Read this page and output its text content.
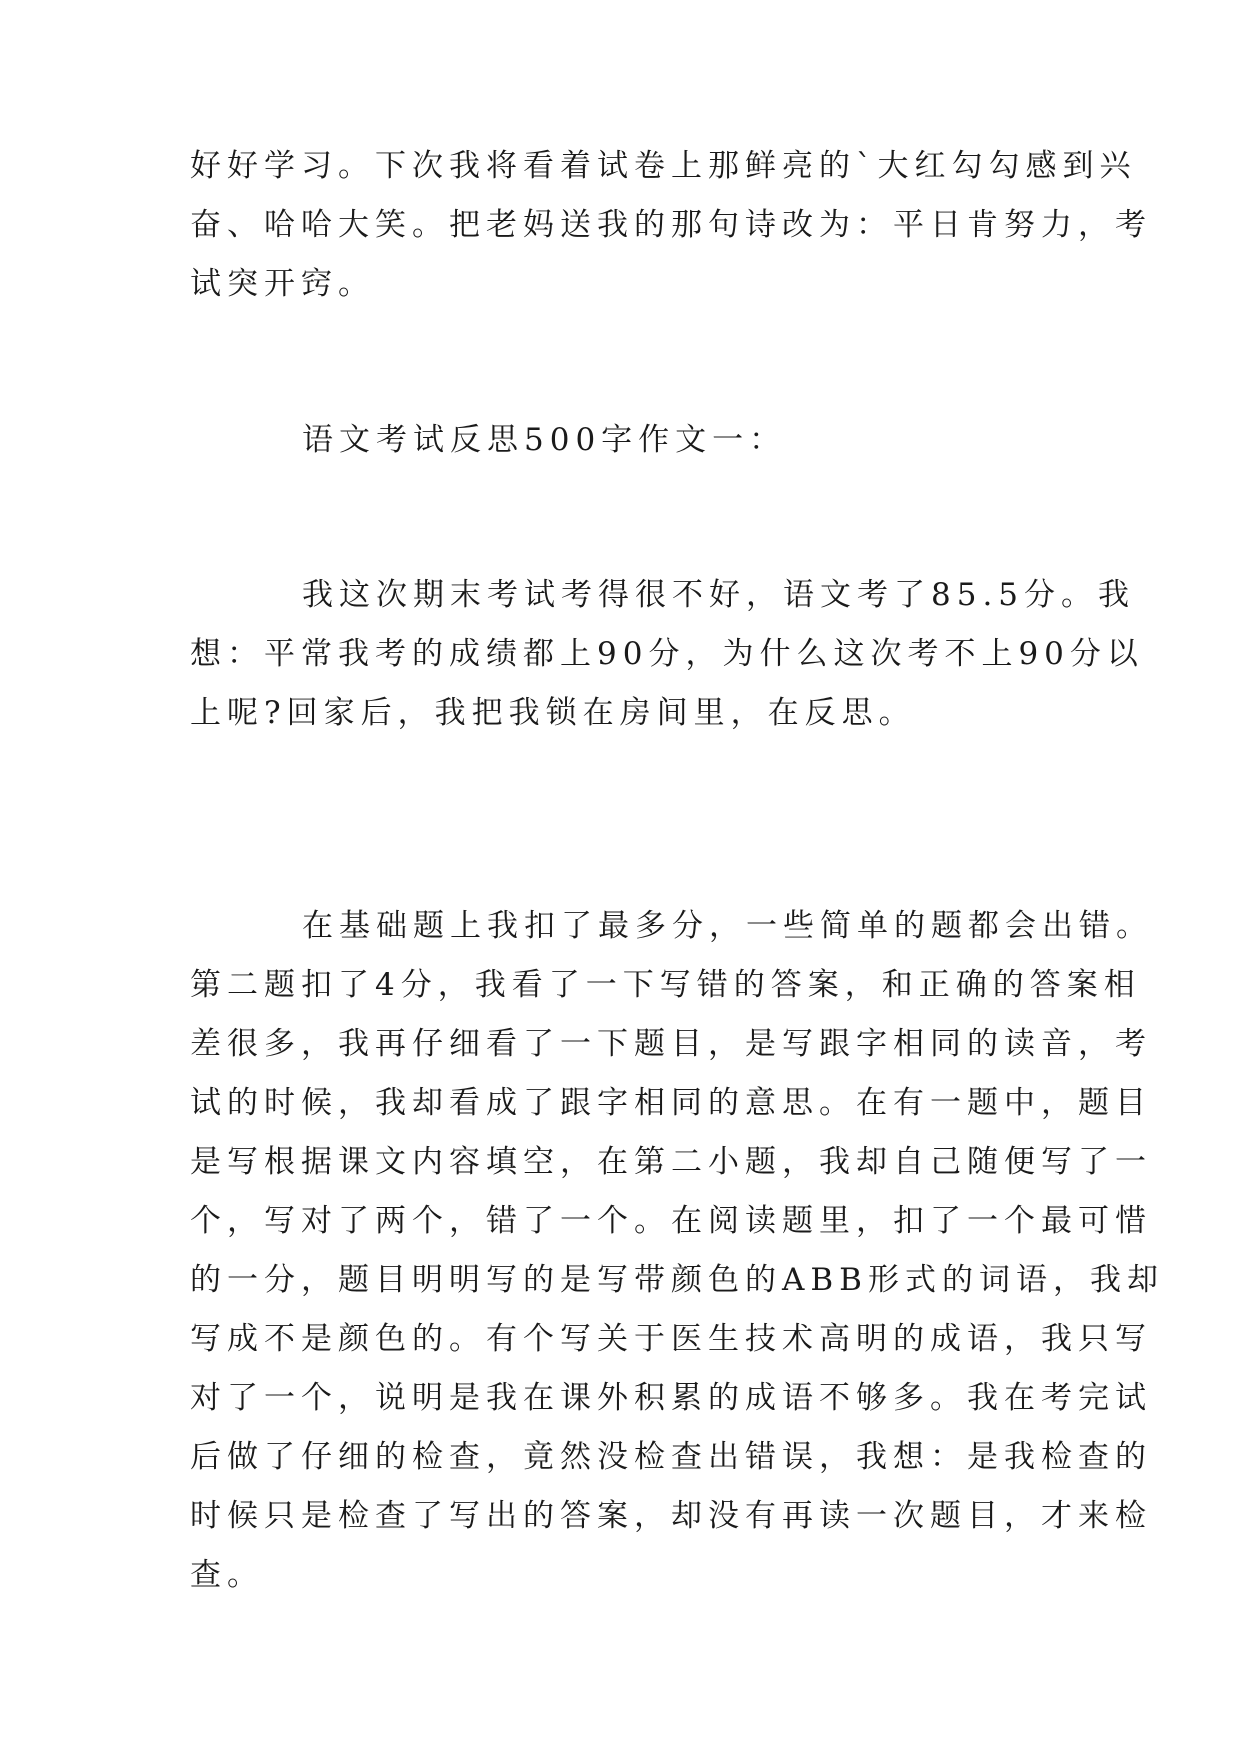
好好学习。下次我将看着试卷上那鲜亮的`大红勾勾感到兴
奋、哈哈大笑。把老妈送我的那句诗改为：平日肯努力，考
试突开窍。
语文考试反思500字作文一：
我这次期末考试考得很不好，语文考了85.5分。我
想：平常我考的成绩都上90分，为什么这次考不上90分以
上呢?回家后，我把我锁在房间里，在反思。
在基础题上我扣了最多分，一些简单的题都会出错。
第二题扣了4分，我看了一下写错的答案，和正确的答案相
差很多，我再仔细看了一下题目，是写跟字相同的读音，考
试的时候，我却看成了跟字相同的意思。在有一题中，题目
是写根据课文内容填空，在第二小题，我却自己随便写了一
个，写对了两个，错了一个。在阅读题里，扣了一个最可惜
的一分，题目明明写的是写带颜色的ABB形式的词语，我却
写成不是颜色的。有个写关于医生技术高明的成语，我只写
对了一个，说明是我在课外积累的成语不够多。我在考完试
后做了仔细的检查，竟然没检查出错误，我想：是我检查的
时候只是检查了写出的答案，却没有再读一次题目，才来检
查。
